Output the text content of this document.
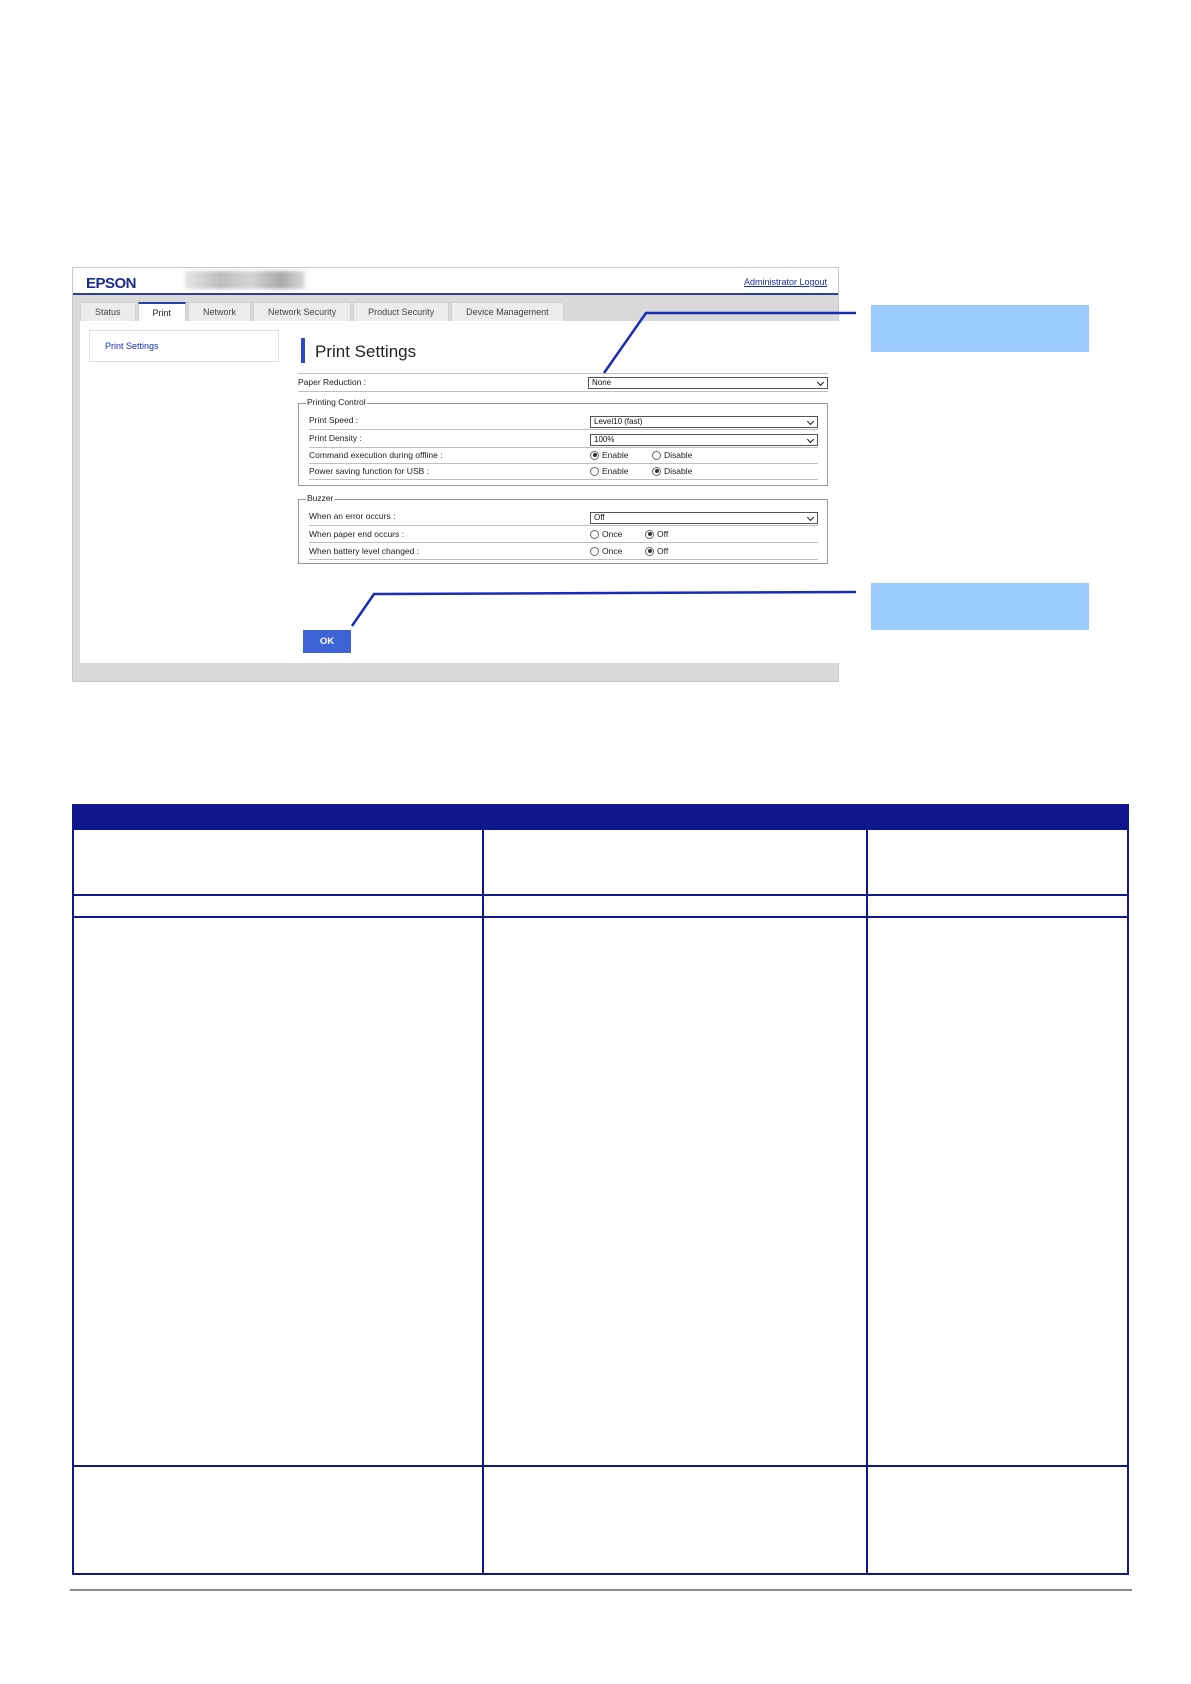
EPSON	Administrator Logout
Status	Print	Network	Network Security	Product Security	Device Management
Print Settings	Print Settings
Paper Reduction :	None
Printing Control
Print Speed :	Level10 (fast)
Print Density :	100%
Command execution during offline :	Enable	Disable
Power saving function for USB :	Enable	Disable
Buzzer
When an error occurs :	Off
When paper end occurs :	Once	Off
When battery level changed :	Once	Off
OK
